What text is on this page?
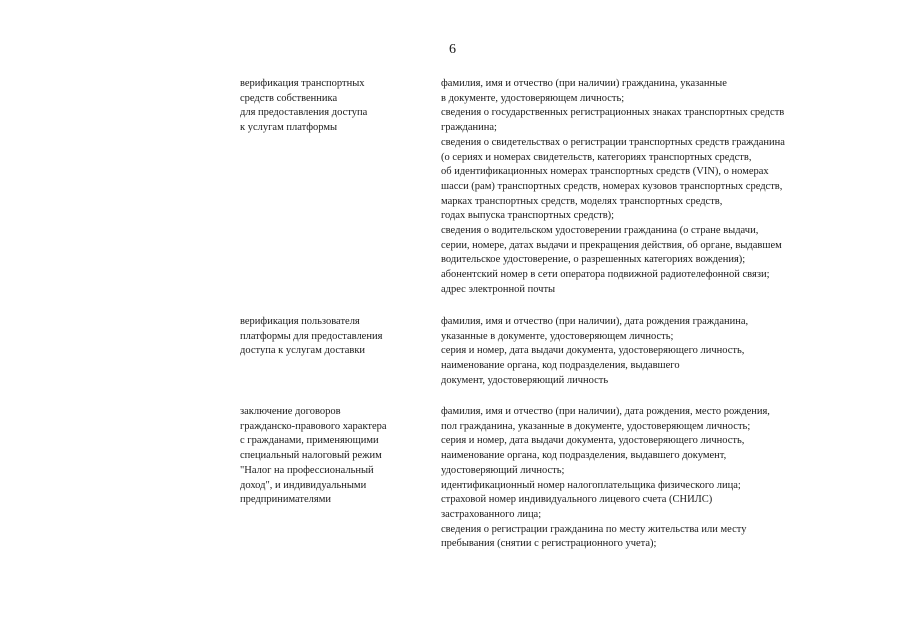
6
верификация транспортных
средств собственника
для предоставления доступа
к услугам платформы
фамилия, имя и отчество (при наличии) гражданина, указанные
в документе, удостоверяющем личность;
сведения о государственных регистрационных знаках транспортных средств
гражданина;
сведения о свидетельствах о регистрации транспортных средств гражданина
(о сериях и номерах свидетельств, категориях транспортных средств,
об идентификационных номерах транспортных средств (VIN), о номерах
шасси (рам) транспортных средств, номерах кузовов транспортных средств,
марках транспортных средств, моделях транспортных средств,
годах выпуска транспортных средств);
сведения о водительском удостоверении гражданина (о стране выдачи,
серии, номере, датах выдачи и прекращения действия, об органе, выдавшем
водительское удостоверение, о разрешенных категориях вождения);
абонентский номер в сети оператора подвижной радиотелефонной связи;
адрес электронной почты
верификация пользователя
платформы для предоставления
доступа к услугам доставки
фамилия, имя и отчество (при наличии), дата рождения гражданина,
указанные в документе, удостоверяющем личность;
серия и номер, дата выдачи документа, удостоверяющего личность,
наименование органа, код подразделения, выдавшего
документ, удостоверяющий личность
заключение договоров
гражданско-правового характера
с гражданами, применяющими
специальный налоговый режим
"Налог на профессиональный
доход", и индивидуальными
предпринимателями
фамилия, имя и отчество (при наличии), дата рождения, место рождения,
пол гражданина, указанные в документе, удостоверяющем личность;
серия и номер, дата выдачи документа, удостоверяющего личность,
наименование органа, код подразделения, выдавшего документ,
удостоверяющий личность;
идентификационный номер налогоплательщика физического лица;
страховой номер индивидуального лицевого счета (СНИЛС)
застрахованного лица;
сведения о регистрации гражданина по месту жительства или месту
пребывания (снятии с регистрационного учета);
